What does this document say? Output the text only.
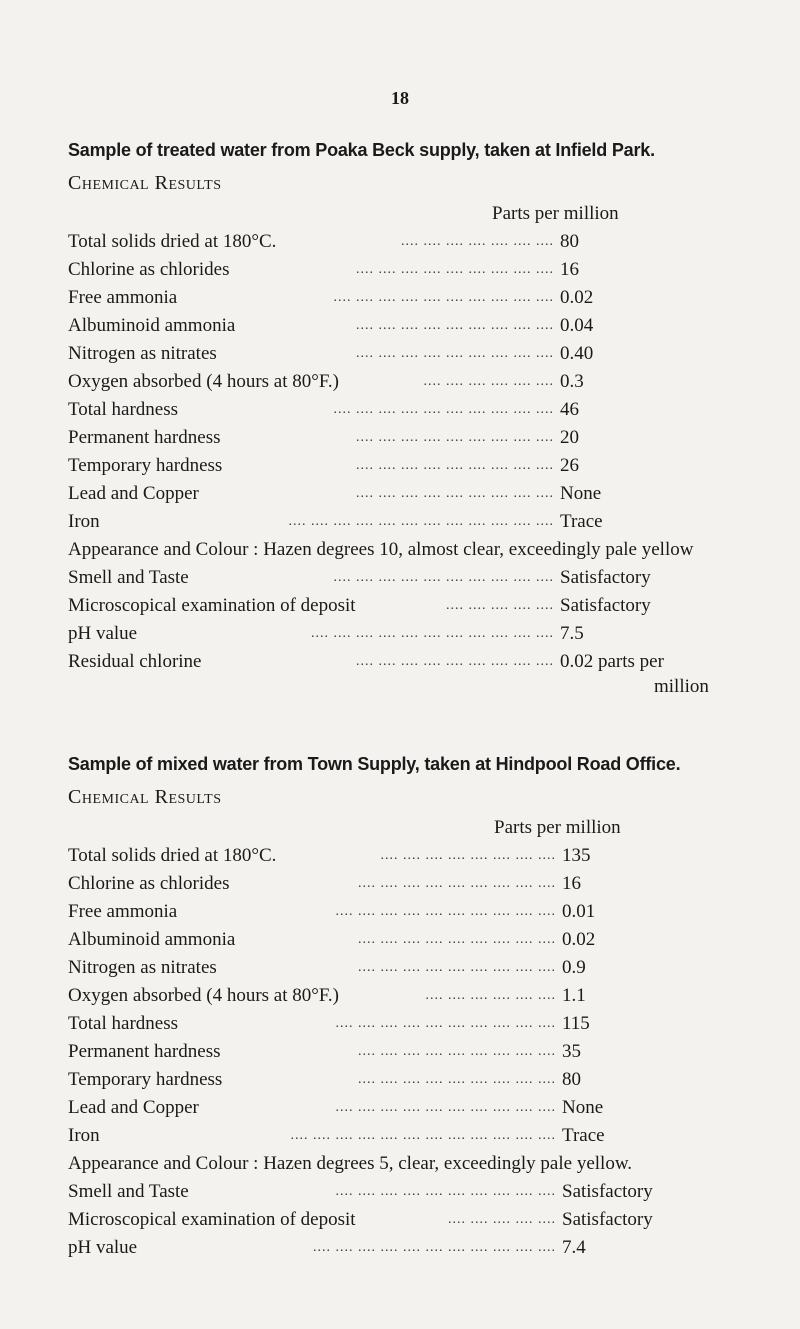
18
Sample of treated water from Poaka Beck supply, taken at Infield Park.
Chemical Results
Parts per million
Total solids dried at 180°C.	.... .... .... .... .... .... .... 80
Chlorine as chlorides	.... .... .... .... .... .... .... .... .... 16
Free ammonia	.... .... .... .... .... .... .... .... .... .... 0.02
Albuminoid ammonia	.... .... .... .... .... .... .... .... .... 0.04
Nitrogen as nitrates	.... .... .... .... .... .... .... .... .... 0.40
Oxygen absorbed (4 hours at 80°F.)	.... .... .... .... .... .... 0.3
Total hardness	.... .... .... .... .... .... .... .... .... .... 46
Permanent hardness	.... .... .... .... .... .... .... .... .... 20
Temporary hardness	.... .... .... .... .... .... .... .... .... 26
Lead and Copper	.... .... .... .... .... .... .... .... .... None
Iron	.... .... .... .... .... .... .... .... .... .... .... .... Trace
Appearance and Colour : Hazen degrees 10, almost clear, exceedingly pale yellow
Smell and Taste	.... .... .... .... .... .... .... .... .... .... Satisfactory
Microscopical examination of deposit	.... .... .... .... .... Satisfactory
pH value	.... .... .... .... .... .... .... .... .... .... .... 7.5
Residual chlorine	.... .... .... .... .... .... .... .... .... 0.02 parts per
million
Sample of mixed water from Town Supply, taken at Hindpool Road Office.
Chemical Results
Parts per million
Total solids dried at 180°C.	.... .... .... .... .... .... .... .... 135
Chlorine as chlorides	.... .... .... .... .... .... .... .... .... 16
Free ammonia	.... .... .... .... .... .... .... .... .... .... 0.01
Albuminoid ammonia	.... .... .... .... .... .... .... .... .... 0.02
Nitrogen as nitrates	.... .... .... .... .... .... .... .... .... 0.9
Oxygen absorbed (4 hours at 80°F.)	.... .... .... .... .... .... 1.1
Total hardness	.... .... .... .... .... .... .... .... .... .... 115
Permanent hardness	.... .... .... .... .... .... .... .... .... 35
Temporary hardness	.... .... .... .... .... .... .... .... .... 80
Lead and Copper	.... .... .... .... .... .... .... .... .... .... None
Iron	.... .... .... .... .... .... .... .... .... .... .... .... Trace
Appearance and Colour : Hazen degrees 5, clear, exceedingly pale yellow.
Smell and Taste	.... .... .... .... .... .... .... .... .... .... Satisfactory
Microscopical examination of deposit	.... .... .... .... .... Satisfactory
pH value	.... .... .... .... .... .... .... .... .... .... .... 7.4
